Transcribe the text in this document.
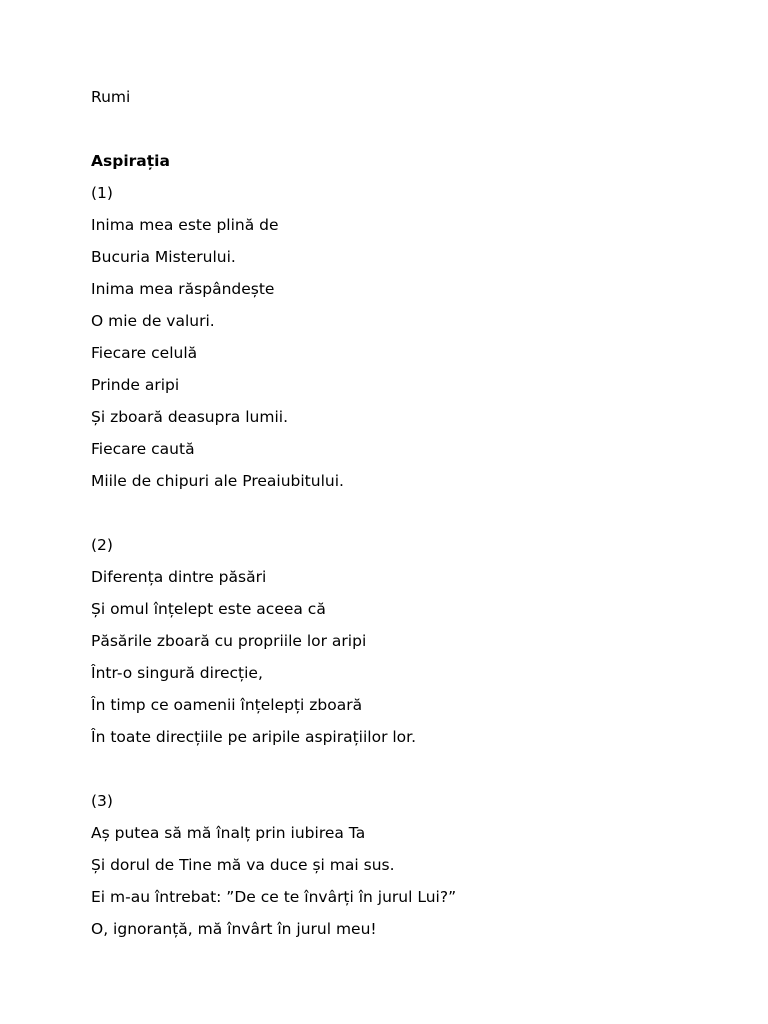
Rumi
Aspirația
(1)
Inima mea este plină de
Bucuria Misterului.
Inima mea răspândește
O mie de valuri.
Fiecare celulă
Prinde aripi
Și zboară deasupra lumii.
Fiecare caută
Miile de chipuri ale Preaiubitului.
(2)
Diferența dintre păsări
Și omul înțelept este aceea că
Păsările zboară cu propriile lor aripi
Într-o singură direcție,
În timp ce oamenii înțelepți zboară
În toate direcțiile pe aripile aspirațiilor lor.
(3)
Aș putea să mă înalț prin iubirea Ta
Și dorul de Tine mă va duce și mai sus.
Ei m-au întrebat: ”De ce te învârți în jurul Lui?”
O, ignoranță, mă învârt în jurul meu!
